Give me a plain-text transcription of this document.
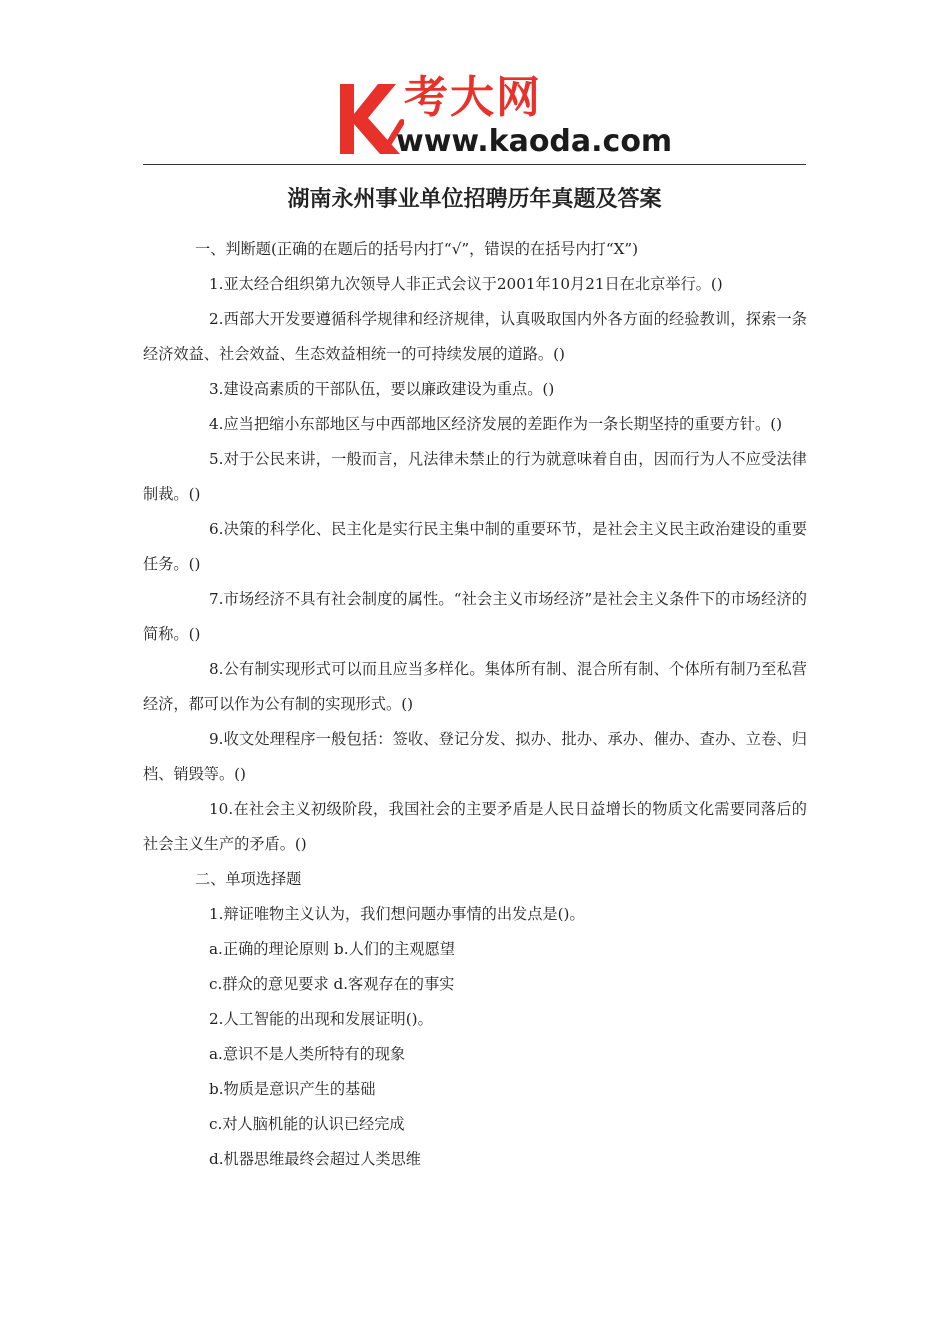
考大网
www.kaoda.com
湖南永州事业单位招聘历年真题及答案

一、判断题(正确的在题后的括号内打“√”，错误的在括号内打“X”)

1.亚太经合组织第九次领导人非正式会议于2001年10月21日在北京举行。()

2.西部大开发要遵循科学规律和经济规律，认真吸取国内外各方面的经验教训，探索一条经济效益、社会效益、生态效益相统一的可持续发展的道路。()

3.建设高素质的干部队伍，要以廉政建设为重点。()

4.应当把缩小东部地区与中西部地区经济发展的差距作为一条长期坚持的重要方针。()

5.对于公民来讲，一般而言，凡法律未禁止的行为就意味着自由，因而行为人不应受法律制裁。()

6.决策的科学化、民主化是实行民主集中制的重要环节，是社会主义民主政治建设的重要任务。()

7.市场经济不具有社会制度的属性。“社会主义市场经济”是社会主义条件下的市场经济的简称。()

8.公有制实现形式可以而且应当多样化。集体所有制、混合所有制、个体所有制乃至私营经济，都可以作为公有制的实现形式。()

9.收文处理程序一般包括：签收、登记分发、拟办、批办、承办、催办、查办、立卷、归档、销毁等。()

10.在社会主义初级阶段，我国社会的主要矛盾是人民日益增长的物质文化需要同落后的社会主义生产的矛盾。()

二、单项选择题

1.辩证唯物主义认为，我们想问题办事情的出发点是()。

a.正确的理论原则 b.人们的主观愿望

c.群众的意见要求 d.客观存在的事实

2.人工智能的出现和发展证明()。

a.意识不是人类所特有的现象

b.物质是意识产生的基础

c.对人脑机能的认识已经完成

d.机器思维最终会超过人类思维
